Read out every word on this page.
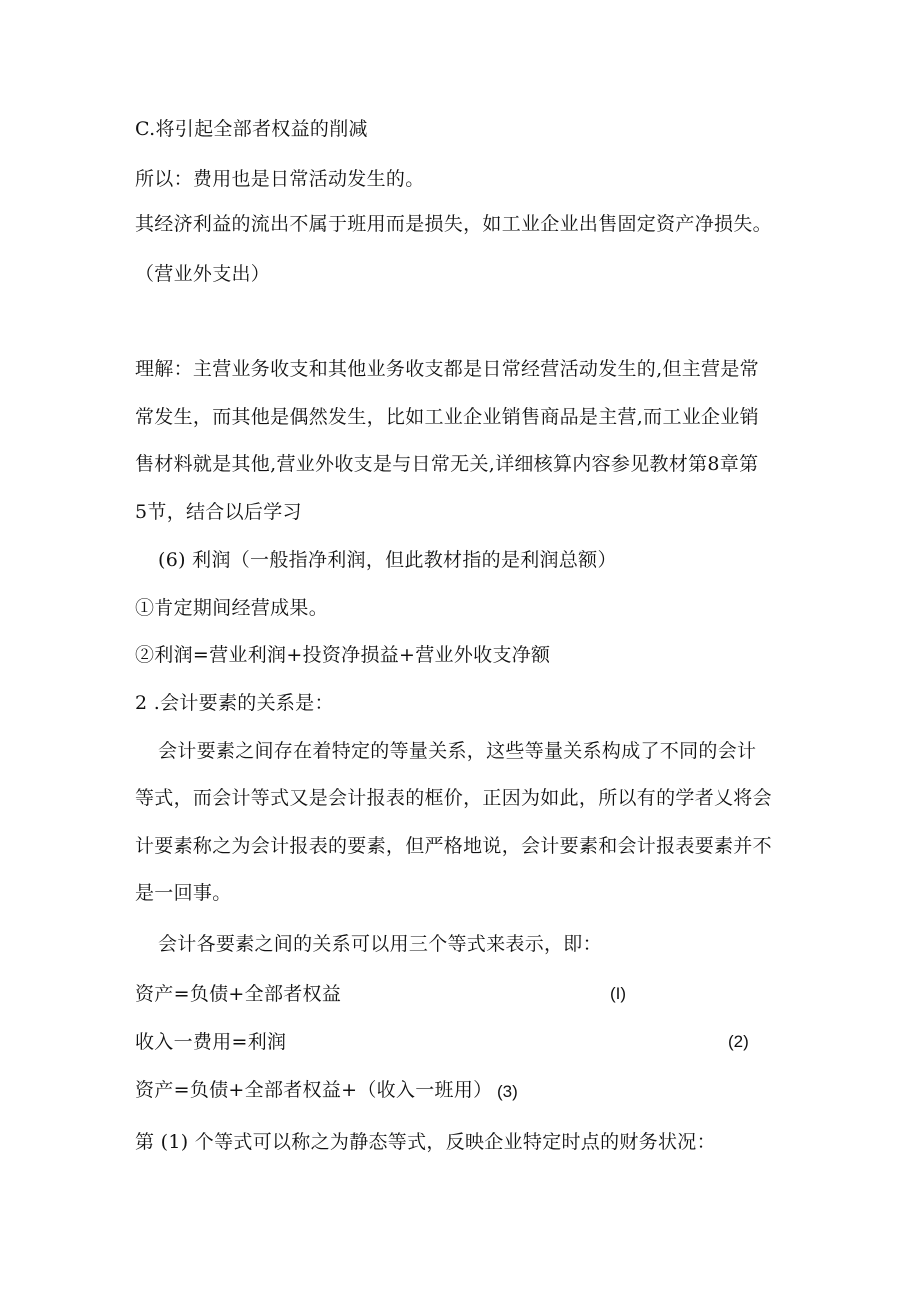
C.将引起全部者权益的削减
所以：费用也是日常活动发生的。
其经济利益的流出不属于班用而是损失，如工业企业出售固定资产净损失。
（营业外支出）
理解：主营业务收支和其他业务收支都是日常经营活动发生的,但主营是常
常发生，而其他是偶然发生，比如工业企业销售商品是主营,而工业企业销
售材料就是其他,营业外收支是与日常无关,详细核算内容参见教材第8章第
5节，结合以后学习
(6) 利润（一般指净利润，但此教材指的是利润总额）
①肯定期间经营成果。
②利润=营业利润+投资净损益+营业外收支净额
2 .会计要素的关系是：
会计要素之间存在着特定的等量关系，这些等量关系构成了不同的会计
等式，而会计等式又是会计报表的框价，正因为如此，所以有的学者乂将会
计要素称之为会计报表的要素，但严格地说，会计要素和会计报表要素并不
是一回事。
会计各要素之间的关系可以用三个等式来表示，即：
资产=负债+全部者权益	(I)
收入一费用=利润	(2)
资产=负债+全部者权益+（收入一班用） (3)
第 (1) 个等式可以称之为静态等式，反映企业特定时点的财务状况：
